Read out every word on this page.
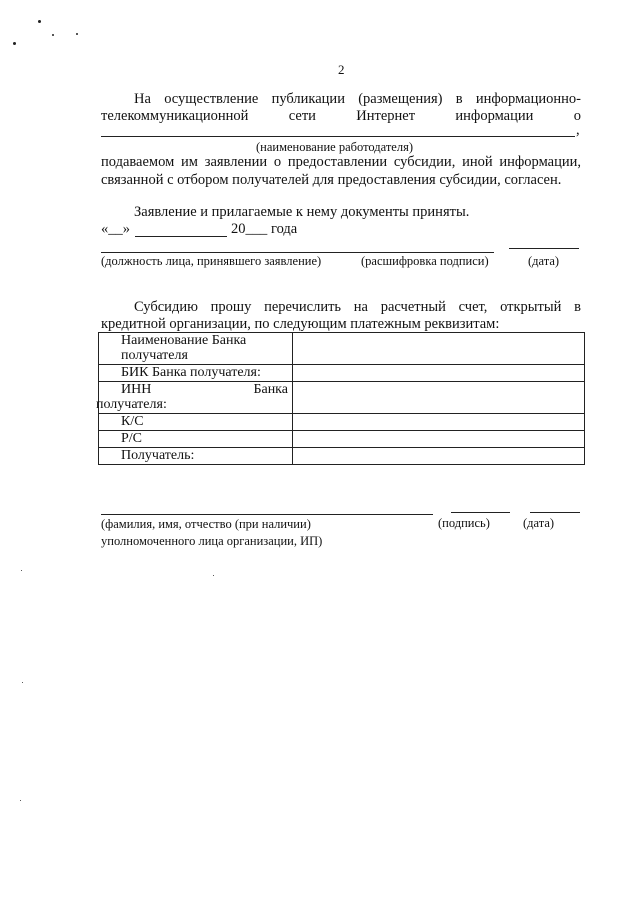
2
На осуществление публикации (размещения) в информационно-
телекоммуникационной	сети	Интернет	информации	о
,
(наименование работодателя)
подаваемом им заявлении о предоставлении субсидии, иной информации,
связанной с отбором получателей для предоставления субсидии, согласен.
Заявление и прилагаемые к нему документы приняты.
«__»	20___ года
(должность лица, принявшего заявление)	(расшифровка подписи)	(дата)
Субсидию прошу перечислить на расчетный счет, открытый в
кредитной организации, по следующим платежным реквизитам:
Наименование Банка получателя	
БИК Банка получателя:	

ИНН Банка
получателя:	

К/С	
Р/С	
Получатель:	
(фамилия, имя, отчество (при наличии)	(подпись)	(дата)
уполномоченного лица организации, ИП)
